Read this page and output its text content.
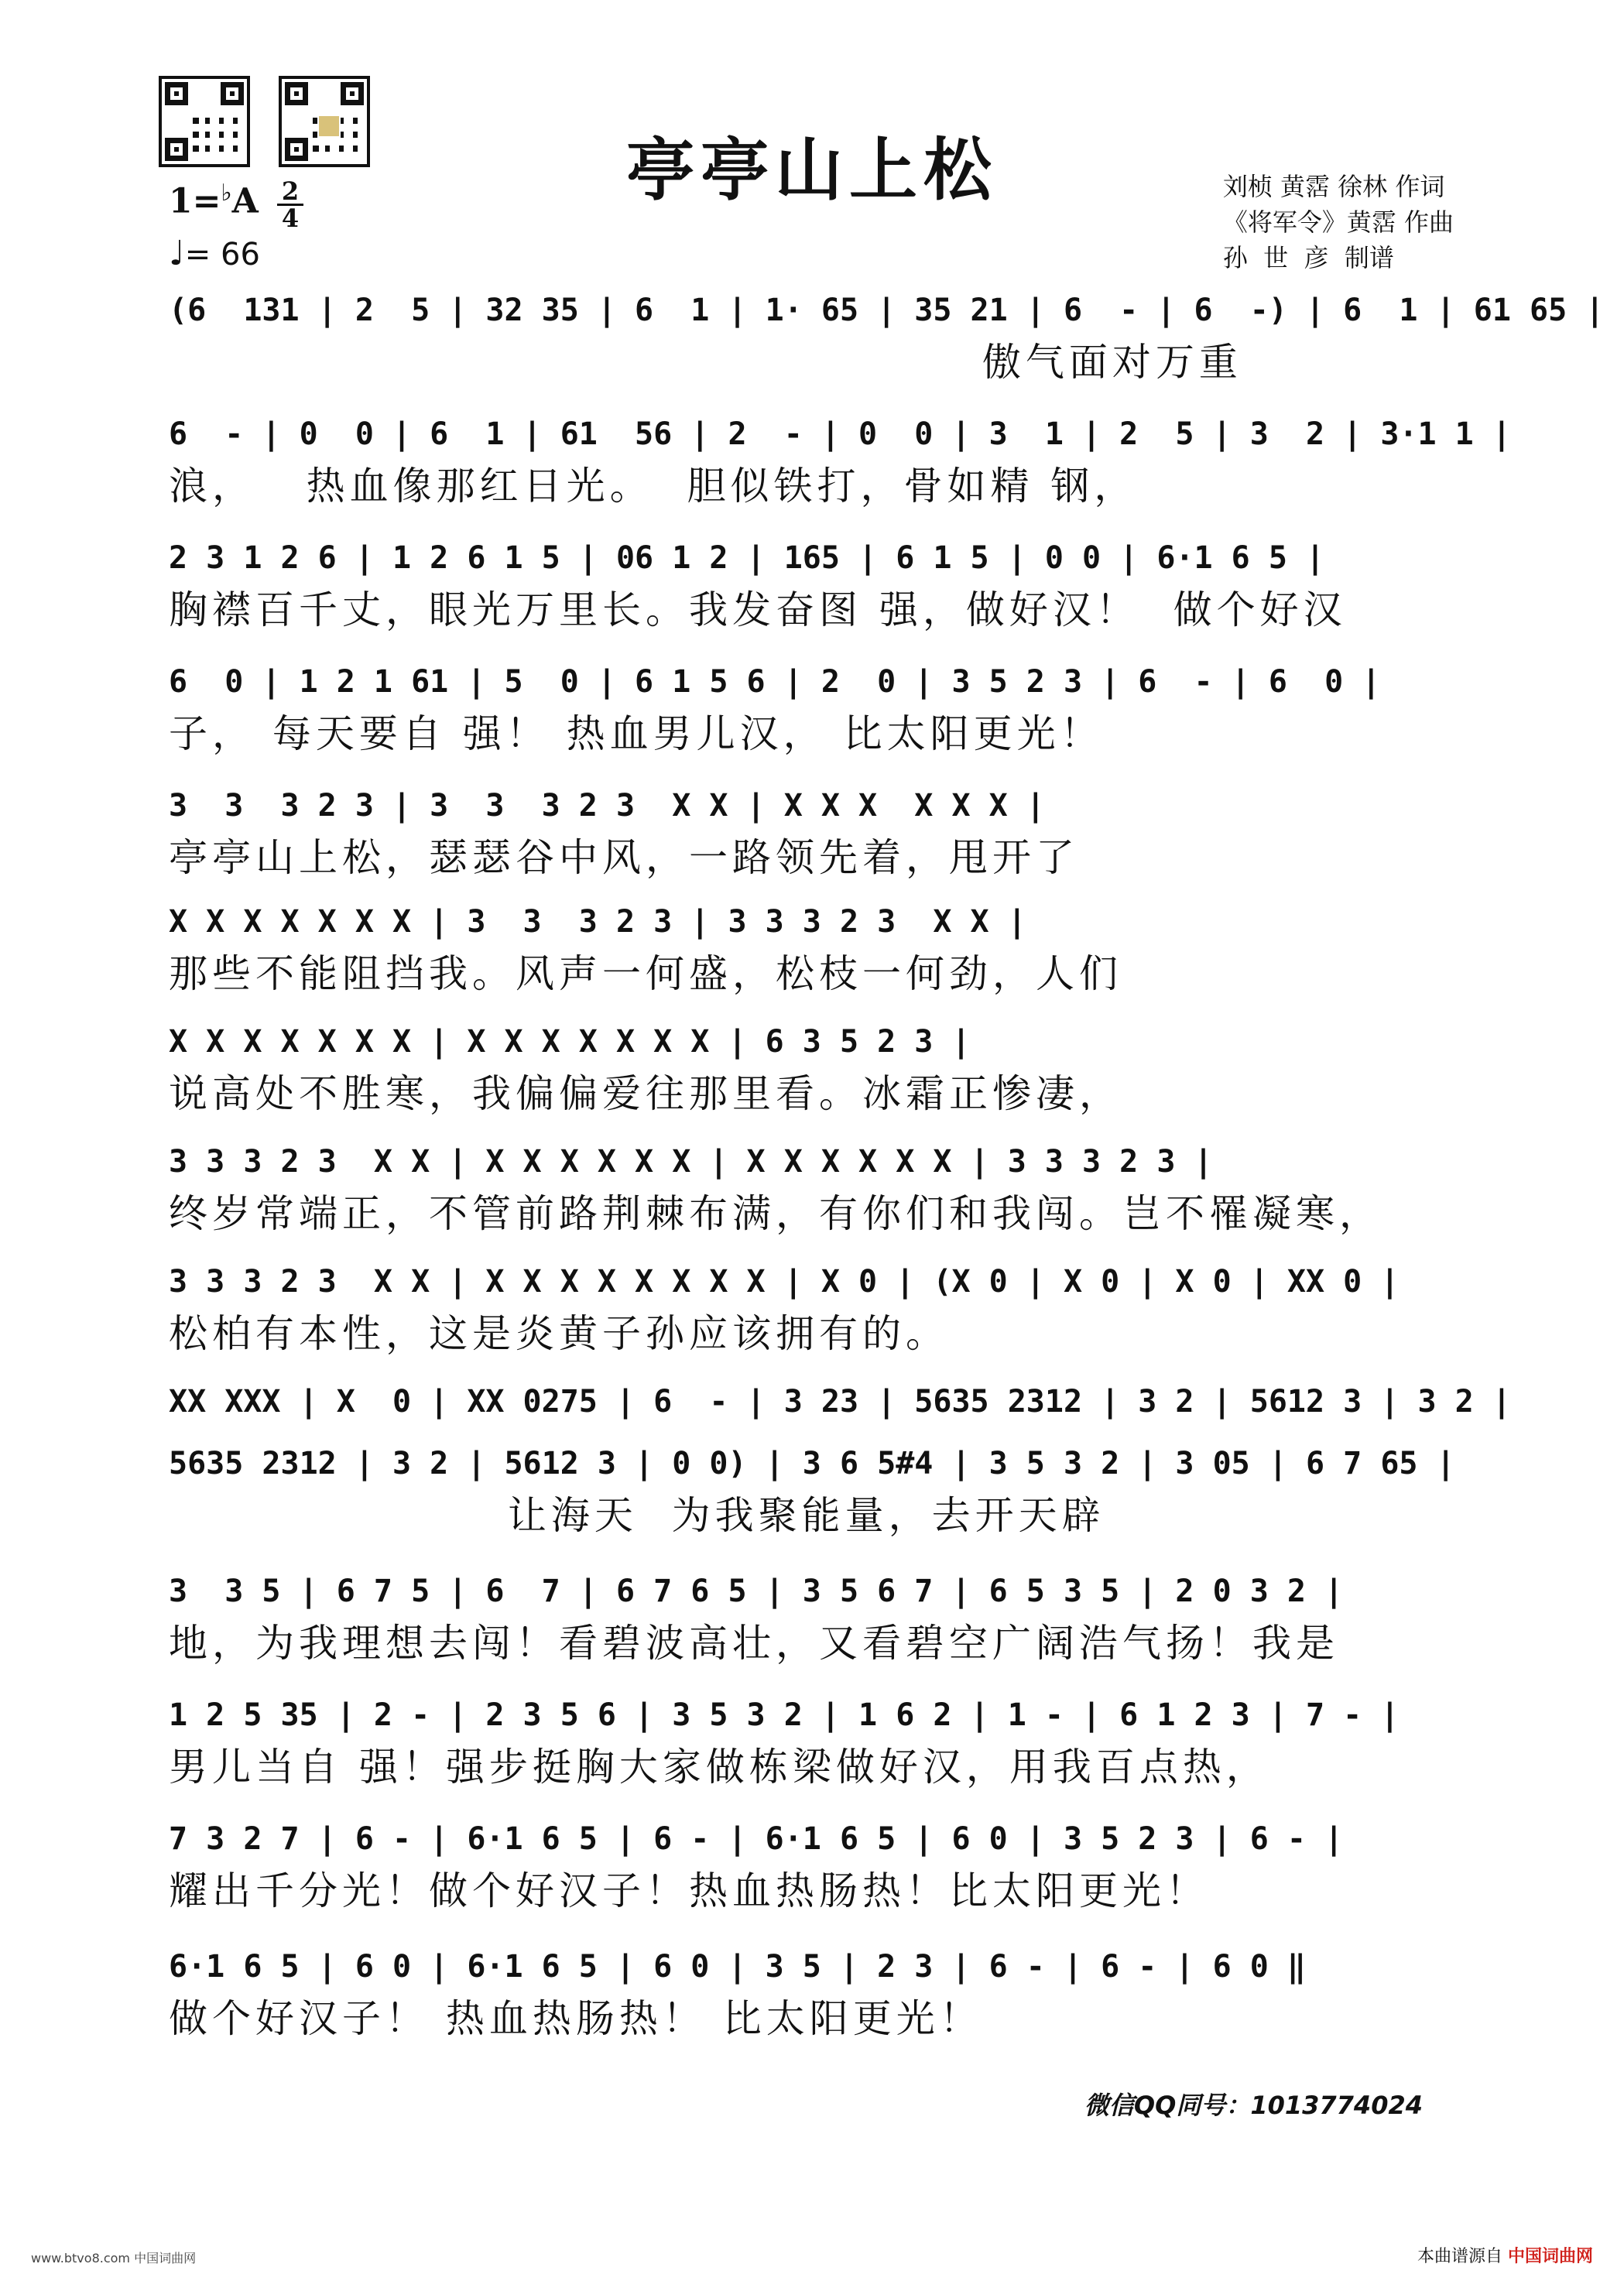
亭亭山上松	刘桢 黄霑 徐林 作词
《将军令》黄霑 作曲
孙  世  彦  制谱
1=♭A 2
4
♩= 66
(6  131 | 2  5 | 32 35 | 6  1 | 1· 65 | 35 21 | 6  - | 6  -) | 6  1 | 61 65 |
傲气面对万重
6  - | 0  0 | 6  1 | 61  56 | 2  - | 0  0 | 3  1 | 2  5 | 3  2 | 3·1 1 |
浪，   热血像那红日光。  胆似铁打，骨如精 钢，
2 3 1 2 6 | 1 2 6 1 5 | 06 1 2 | 165 | 6 1 5 | 0 0 | 6·1 6 5 |
胸襟百千丈，眼光万里长。我发奋图 强，做好汉！  做个好汉
6  0 | 1 2 1 61 | 5  0 | 6 1 5 6 | 2  0 | 3 5 2 3 | 6  - | 6  0 |
子， 每天要自 强！ 热血男儿汉， 比太阳更光！
3  3  3 2 3 | 3  3  3 2 3  X X | X X X  X X X |
亭亭山上松，瑟瑟谷中风，一路领先着，甩开了
X X X X X X X | 3  3  3 2 3 | 3 3 3 2 3  X X |
那些不能阻挡我。风声一何盛，松枝一何劲，人们
X X X X X X X | X X X X X X X | 6 3 5 2 3 |
说高处不胜寒，我偏偏爱往那里看。冰霜正惨凄，
3 3 3 2 3  X X | X X X X X X | X X X X X X | 3 3 3 2 3 |
终岁常端正，不管前路荆棘布满，有你们和我闯。岂不罹凝寒，
3 3 3 2 3  X X | X X X X X X X X | X 0 | (X 0 | X 0 | X 0 | XX 0 |
松柏有本性，这是炎黄子孙应该拥有的。
XX XXX | X  0 | XX 0275 | 6  - | 3 23 | 5635 2312 | 3 2 | 5612 3 | 3 2 |
5635 2312 | 3 2 | 5612 3 | 0 0) | 3 6 5#4 | 3 5 3 2 | 3 05 | 6 7 65 |
让海天  为我聚能量，去开天辟
3  3 5 | 6 7 5 | 6  7 | 6 7 6 5 | 3 5 6 7 | 6 5 3 5 | 2 0 3 2 |
地，为我理想去闯！看碧波高壮，又看碧空广阔浩气扬！我是
1 2 5 35 | 2 - | 2 3 5 6 | 3 5 3 2 | 1 6 2 | 1 - | 6 1 2 3 | 7 - |
男儿当自 强！强步挺胸大家做栋梁做好汉，用我百点热，
7 3 2 7 | 6 - | 6·1 6 5 | 6 - | 6·1 6 5 | 6 0 | 3 5 2 3 | 6 - |
耀出千分光！做个好汉子！热血热肠热！比太阳更光！
6·1 6 5 | 6 0 | 6·1 6 5 | 6 0 | 3 5 | 2 3 | 6 - | 6 - | 6 0 ‖
做个好汉子！ 热血热肠热！ 比太阳更光！
微信QQ同号：1013774024
www.btvo8.com 中国词曲网	本曲谱源自 中国词曲网
